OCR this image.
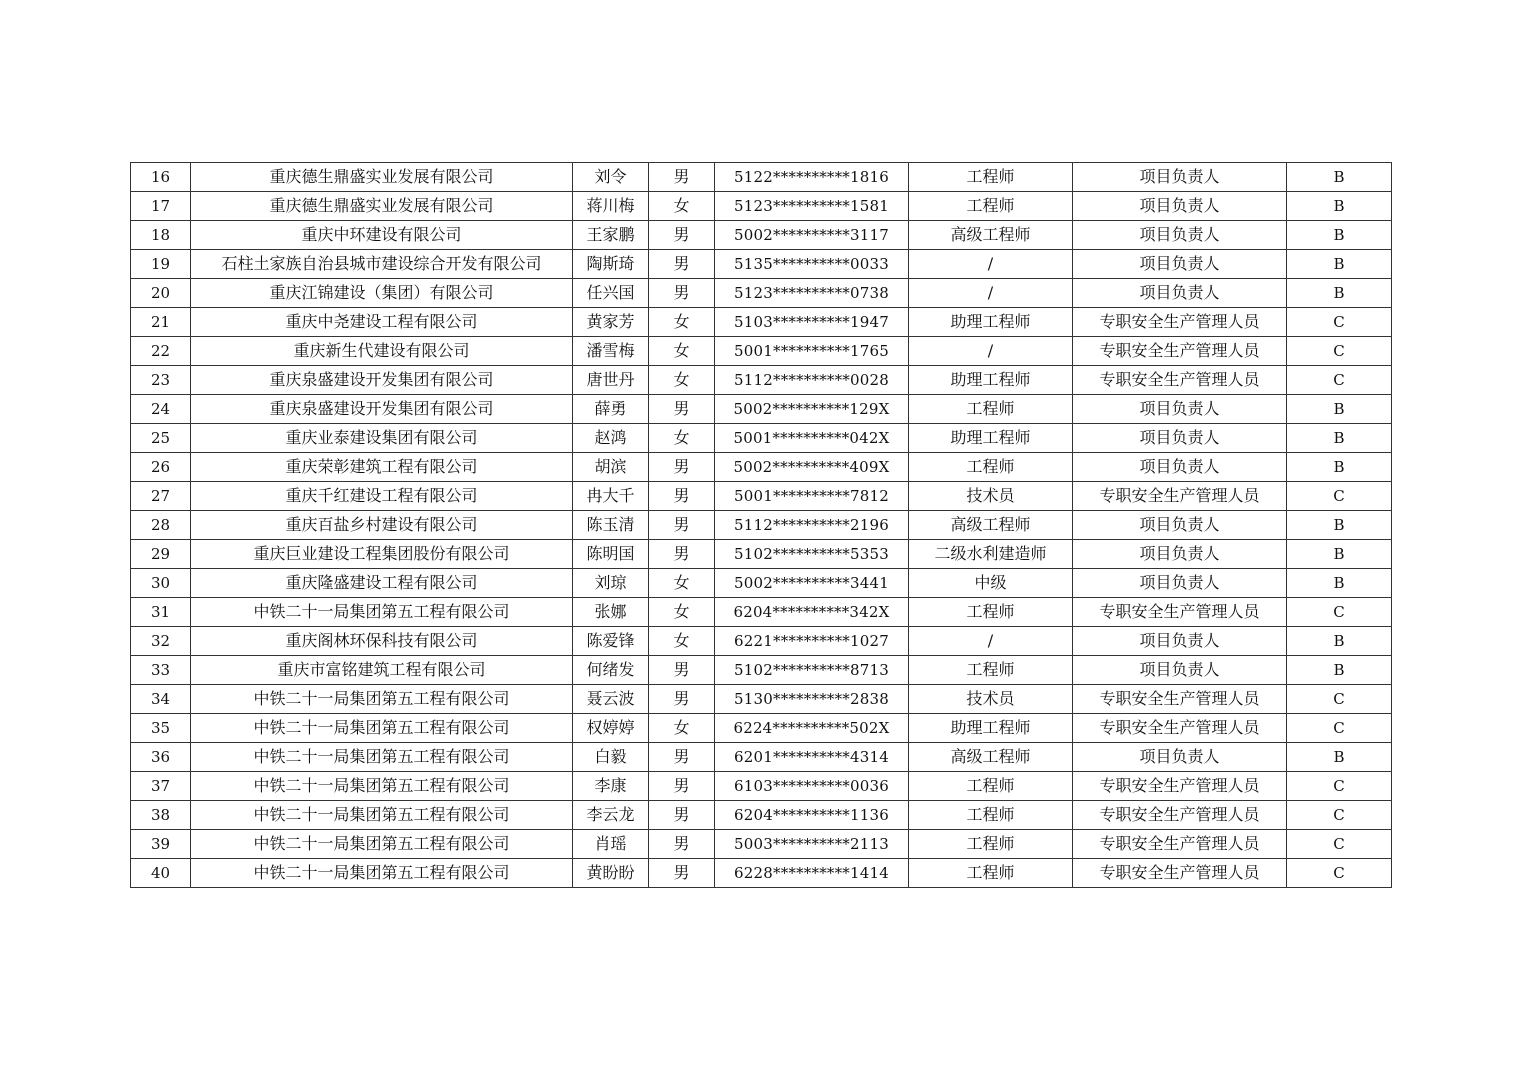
16	重庆德生鼎盛实业发展有限公司	刘令	男	5122**********1816	工程师	项目负责人	B
17	重庆德生鼎盛实业发展有限公司	蒋川梅	女	5123**********1581	工程师	项目负责人	B
18	重庆中环建设有限公司	王家鹏	男	5002**********3117	高级工程师	项目负责人	B
19	石柱土家族自治县城市建设综合开发有限公司	陶斯琦	男	5135**********0033	/	项目负责人	B
20	重庆江锦建设（集团）有限公司	任兴国	男	5123**********0738	/	项目负责人	B
21	重庆中尧建设工程有限公司	黄家芳	女	5103**********1947	助理工程师	专职安全生产管理人员	C
22	重庆新生代建设有限公司	潘雪梅	女	5001**********1765	/	专职安全生产管理人员	C
23	重庆泉盛建设开发集团有限公司	唐世丹	女	5112**********0028	助理工程师	专职安全生产管理人员	C
24	重庆泉盛建设开发集团有限公司	薛勇	男	5002**********129X	工程师	项目负责人	B
25	重庆业泰建设集团有限公司	赵鸿	女	5001**********042X	助理工程师	项目负责人	B
26	重庆荣彰建筑工程有限公司	胡滨	男	5002**********409X	工程师	项目负责人	B
27	重庆千红建设工程有限公司	冉大千	男	5001**********7812	技术员	专职安全生产管理人员	C
28	重庆百盐乡村建设有限公司	陈玉清	男	5112**********2196	高级工程师	项目负责人	B
29	重庆巨业建设工程集团股份有限公司	陈明国	男	5102**********5353	二级水利建造师	项目负责人	B
30	重庆隆盛建设工程有限公司	刘琼	女	5002**********3441	中级	项目负责人	B
31	中铁二十一局集团第五工程有限公司	张娜	女	6204**********342X	工程师	专职安全生产管理人员	C
32	重庆阁林环保科技有限公司	陈爱锋	女	6221**********1027	/	项目负责人	B
33	重庆市富铭建筑工程有限公司	何绪发	男	5102**********8713	工程师	项目负责人	B
34	中铁二十一局集团第五工程有限公司	聂云波	男	5130**********2838	技术员	专职安全生产管理人员	C
35	中铁二十一局集团第五工程有限公司	权婷婷	女	6224**********502X	助理工程师	专职安全生产管理人员	C
36	中铁二十一局集团第五工程有限公司	白毅	男	6201**********4314	高级工程师	项目负责人	B
37	中铁二十一局集团第五工程有限公司	李康	男	6103**********0036	工程师	专职安全生产管理人员	C
38	中铁二十一局集团第五工程有限公司	李云龙	男	6204**********1136	工程师	专职安全生产管理人员	C
39	中铁二十一局集团第五工程有限公司	肖瑶	男	5003**********2113	工程师	专职安全生产管理人员	C
40	中铁二十一局集团第五工程有限公司	黄盼盼	男	6228**********1414	工程师	专职安全生产管理人员	C
